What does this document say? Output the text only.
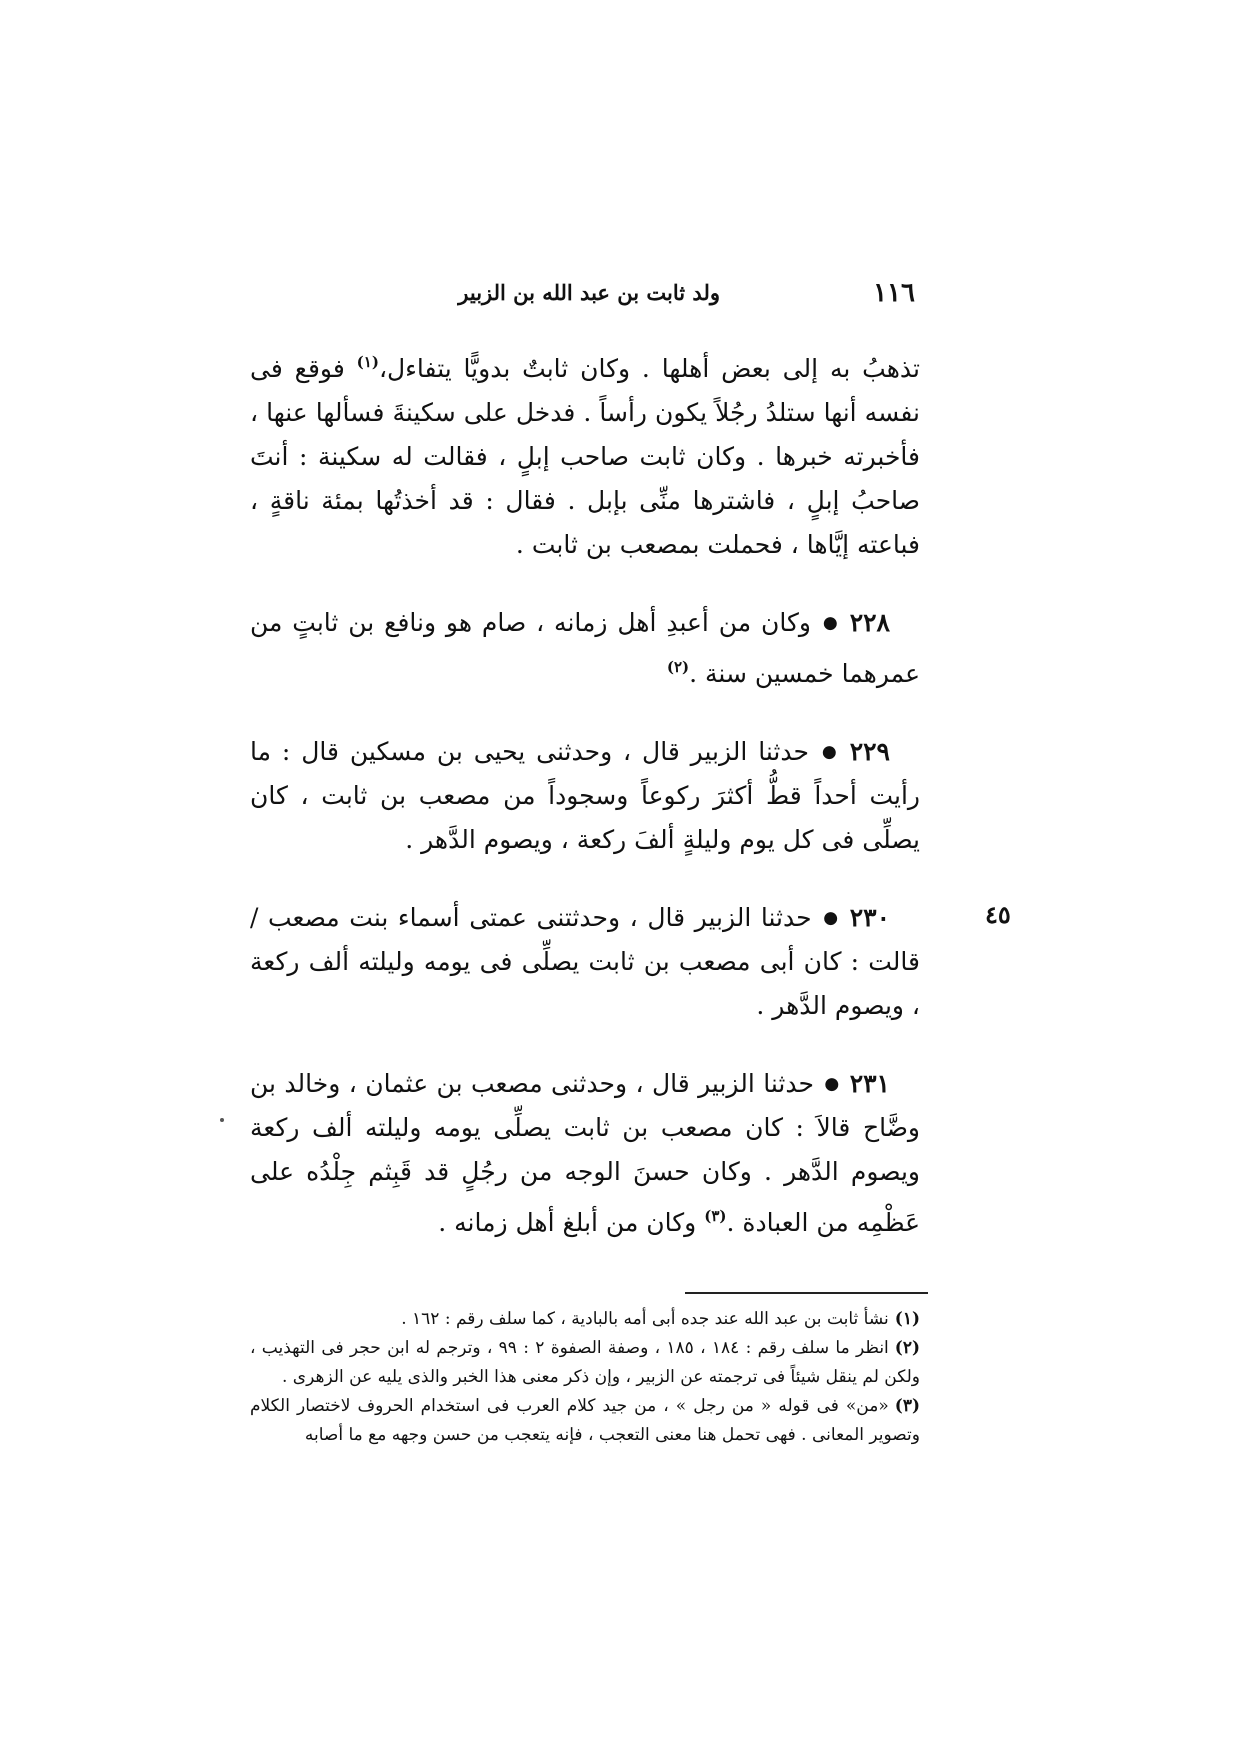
١١٦
ولد ثابت بن عبد الله بن الزبير

تذهبُ به إلى بعض أهلها . وكان ثابتٌ بدويًّا يتفاءل،$^{(١)}$ فوقع فى نفسه أنها ستلدُ رجُلاً يكون رأساً . فدخل على سكينةَ فسألها عنها ، فأخبرته خبرها . وكان ثابت صاحب إبلٍ ، فقالت له سكينة : أنتَ صاحبُ إبلٍ ، فاشترها منِّى بإبل . فقال : قد أخذتُها بمئة ناقةٍ ، فباعته إيَّاها ، فحملت بمصعب بن ثابت .

٢٢٨●وكان من أعبدِ أهل زمانه ، صام هو ونافع بن ثابتٍ من عمرهما خمسين سنة .$^{(٢)}$

٢٢٩●حدثنا الزبير قال ، وحدثنى يحيى بن مسكين قال : ما رأيت أحداً قطُّ أكثرَ ركوعاً وسجوداً من مصعب بن ثابت ، كان يصلِّى فى كل يوم وليلةٍ ألفَ ركعة ، ويصوم الدَّهر .

٢٣٠●حدثنا الزبير قال ، وحدثتنى عمتى أسماء بنت مصعب / قالت : كان أبى مصعب بن ثابت يصلِّى فى يومه وليلته ألف ركعة ، ويصوم الدَّهر .

٢٣١●حدثنا الزبير قال ، وحدثنى مصعب بن عثمان ، وخالد بن وضَّاح قالاَ : كان مصعب بن ثابت يصلِّى يومه وليلته ألف ركعة ويصوم الدَّهر . وكان حسنَ الوجه من رجُلٍ قد قَبِثم جِلْدُه على عَظْمِه من العبادة .$^{(٣)}$ وكان من أبلغ أهل زمانه .

٤٥

(١)نشأ ثابت بن عبد الله عند جده أبى أمه بالبادية ، كما سلف رقم : ١٦٢ .

(٢)انظر ما سلف رقم : ١٨٤ ، ١٨٥ ، وصفة الصفوة ٢ : ٩٩ ، وترجم له ابن حجر فى التهذيب ، ولكن لم ينقل شيئاً فى ترجمته عن الزبير ، وإن ذكر معنى هذا الخبر والذى يليه عن الزهرى .

(٣)«من» فى قوله « من رجل » ، من جيد كلام العرب فى استخدام الحروف لاختصار الكلام وتصوير المعانى . فهى تحمل هنا معنى التعجب ، فإنه يتعجب من حسن وجهه مع ما أصابه
